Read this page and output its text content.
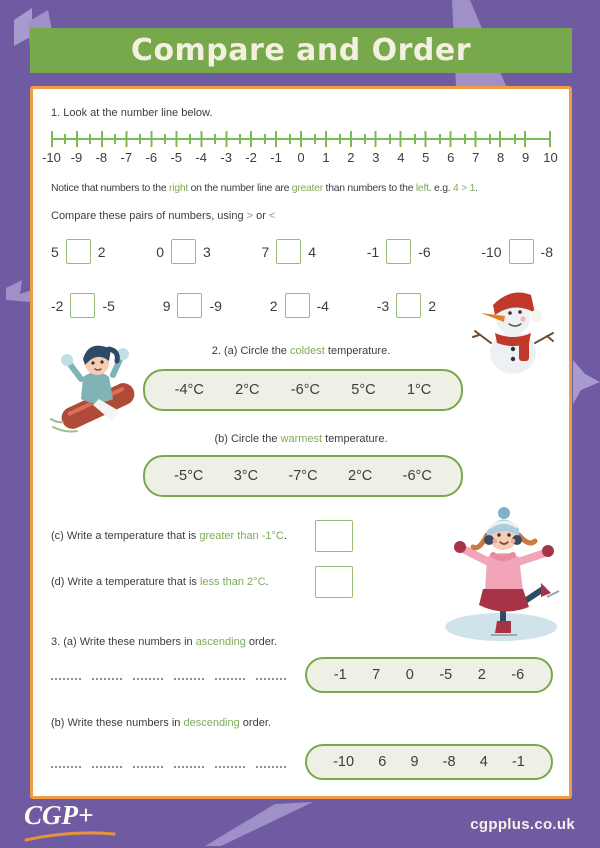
Compare and Order
1. Look at the number line below.
-10 -9	-8	-7	-6	-5	-4	-3	-2	-1	0	1	2	3	4	5	6	7	8	9	10
Notice that numbers to the right on the number line are greater than numbers to the left. e.g. 4 > 1.
Compare these pairs of numbers, using > or <
5	2	0	3	7	4	-1	-6	-10	-8
-2	-5	9	-9	2	-4	-3	2
2. (a) Circle the coldest temperature.
-4°C 2°C -6°C 5°C 1°C
(b) Circle the warmest temperature.
-5°C 3°C -7°C 2°C -6°C
(c) Write a temperature that is greater than -1°C.
(d) Write a temperature that is less than 2°C.
3. (a) Write these numbers in ascending order.
-1 7 0 -5 2 -6
(b) Write these numbers in descending order.
-10 6 9 -8 4 -1
CGP+	cgpplus.co.uk
